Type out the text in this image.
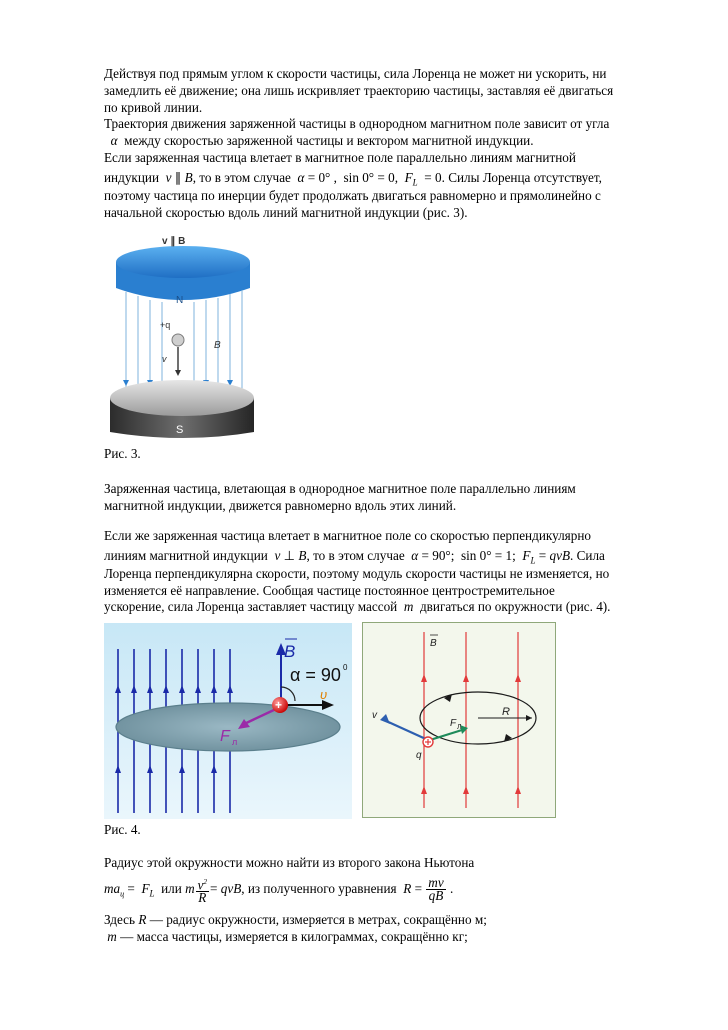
Действуя под прямым углом к скорости частицы, сила Лоренца не может ни ускорить, ни
замедлить её движение; она лишь искривляет траекторию частицы, заставляя её двигаться
по кривой линии.
Траектория движения заряженной частицы в однородном магнитном поле зависит от угла
α между скоростью заряженной частицы и вектором магнитной индукции.
Если заряженная частица влетает в магнитное поле параллельно линиям магнитной
индукции v ∥ B, то в этом случае α = 0° ,  sin 0° = 0,  $F_L = 0$. Силы Лоренца отсутствует,
поэтому частица по инерции будет продолжать двигаться равномерно и прямолинейно с
начальной скоростью вдоль линий магнитной индукции (рис. 3).
N
S
+q
v
B
v ∥ B
Рис. 3.
Заряженная частица, влетающая в однородное магнитное поле параллельно линиям
магнитной индукции, движется равномерно вдоль этих линий.
Если же заряженная частица влетает в магнитное поле со скоростью перпендикулярно
линиям магнитной индукции v ⊥ B, то в этом случае α = 90°;  sin 0° = 1;  $F_L$ = qvB. Сила
Лоренца перпендикулярна скорости, поэтому модуль скорости частицы не изменяется, но
изменяется её направление. Сообщая частице постоянное центростремительное
ускорение, сила Лоренца заставляет частицу массой m двигаться по окружности (рис. 4).
B
α = 90 0
υ
F л
+
B
R
v
F Л
q
Рис. 4.
Радиус этой окружности можно найти из второго закона Ньютона
$ma_ц = F_L$ или m $\frac{v^2}{R}$ = qvB, из полученного уравнения $R = \frac{mv}{qB}$ .
Здесь R — радиус окружности, измеряется в метрах, сокращённо м;
m — масса частицы, измеряется в килограммах, сокращённо кг;
